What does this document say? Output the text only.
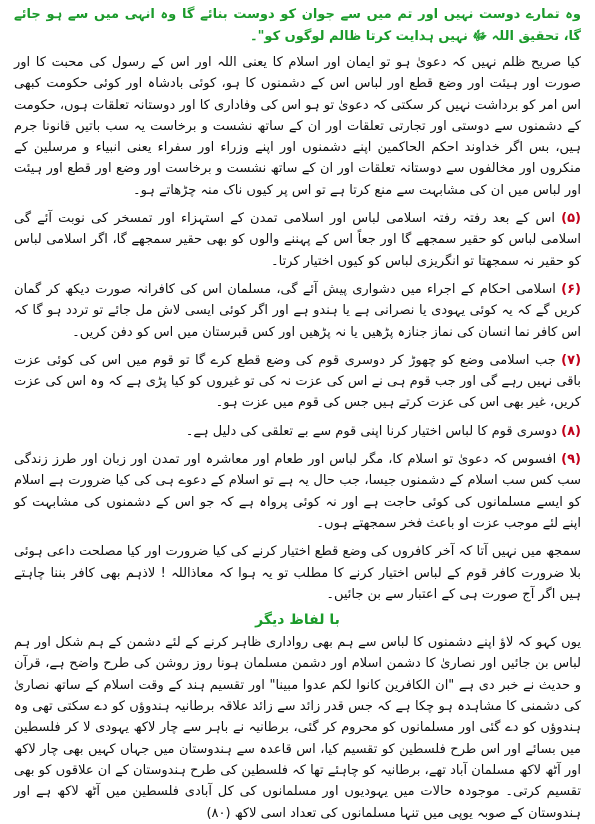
وہ تمارے دوست نہیں اور تم میں سے جوان کو دوست بنائے گا وہ انہی میں سے ہو جائے گا، تحقیق اللہ ﷻ نہیں ہدایت کرتا ظالم لوگوں کو"۔
کیا صریح ظلم نہیں کہ دعویٰ ہو تو ایمان اور اسلام کا یعنی اللہ اور اس کے رسول کی محبت کا اور صورت اور ہیئت اور وضع قطع اور لباس اس کے دشمنوں کا ہو، کوئی بادشاہ اور کوئی حکومت کبھی اس امر کو برداشت نہیں کر سکتی کہ دعویٰ تو ہو اس کی وفاداری کا اور دوستانہ تعلقات ہوں، حکومت کے دشمنوں سے دوستی اور تجارتی تعلقات اور ان کے ساتھ نشست و برخاست یہ سب باتیں قانونا جرم ہیں، بس اگر خداوند احکم الحاکمین اپنے دشمنوں اور اپنے وزراء اور سفراء یعنی انبیاء و مرسلین کے منکروں اور مخالفوں سے دوستانہ تعلقات اور ان کے ساتھ نشست و برخاست اور وضع اور قطع اور ہیئت اور لباس میں ان کی مشابہت سے منع کرتا ہے تو اس پر کیوں ناک منہ چڑھاتے ہو۔
(۵) اس کے بعد رفتہ رفتہ اسلامی لباس اور اسلامی تمدن کے استہزاء اور تمسخر کی نوبت آئے گی اسلامی لباس کو حقیر سمجھے گا اور جعاً اس کے پہننے والوں کو بھی حقیر سمجھے گا، اگر اسلامی لباس کو حقیر نہ سمجھتا تو انگریزی لباس کو کیوں اختیار کرتا۔
(۶) اسلامی احکام کے اجراء میں دشواری پیش آئے گی، مسلمان اس کی کافرانہ صورت دیکھ کر گمان کریں گے کہ یہ کوئی یہودی یا نصرانی ہے یا ہندو ہے اور اگر کوئی ایسی لاش مل جائے تو تردد ہو گا کہ اس کافر نما انسان کی نماز جنازہ پڑھیں یا نہ پڑھیں اور کس قبرستان میں اس کو دفن کریں۔
(۷) جب اسلامی وضع کو چھوڑ کر دوسری قوم کی وضع قطع کرے گا تو قوم میں اس کی کوئی عزت باقی نہیں رہے گی اور جب قوم ہی نے اس کی عزت نہ کی تو غیروں کو کیا پڑی ہے کہ وہ اس کی عزت کریں، غیر بھی اس کی عزت کرتے ہیں جس کی قوم میں عزت ہو۔
(۸) دوسری قوم کا لباس اختیار کرنا اپنی قوم سے بے تعلقی کی دلیل ہے۔
(۹) افسوس کہ دعویٰ تو اسلام کا، مگر لباس اور طعام اور معاشرہ اور تمدن اور زبان اور طرز زندگی سب کس سب اسلام کے دشمنوں جیسا، جب حال یہ ہے تو اسلام کے دعوے ہی کی کیا ضرورت ہے اسلام کو ایسے مسلمانوں کی کوئی حاجت ہے اور نہ کوئی پرواہ ہے کہ جو اس کے دشمنوں کی مشابہت کو اپنے لئے موجب عزت او باعث فخر سمجھتے ہوں۔
سمجھ میں نہیں آتا کہ آخر کافروں کی وضع قطع اختیار کرنے کی کیا ضرورت اور کیا مصلحت داعی ہوئی بلا ضرورت کافر قوم کے لباس اختیار کرنے کا مطلب تو یہ ہوا کہ معاذاللہ ! لاذہم بھی کافر بننا چاہتے ہیں اگر آج صورت ہی کے اعتبار سے بن جائیں۔
با لفاظ دیگر
یوں کہو کہ لاؤ اپنے دشمنوں کا لباس سے ہم بھی رواداری ظاہر کرنے کے لئے دشمن کے ہم شکل اور ہم لباس بن جائیں اور نصاریٰ کا دشمن اسلام اور دشمن مسلمان ہونا روز روشن کی طرح واضح ہے، قرآن و حدیث نے خبر دی ہے "ان الکافرین کانوا لکم عدوا مبینا" اور تقسیم ہند کے وقت اسلام کے ساتھ نصاریٰ کی دشمنی کا مشاہدہ ہو چکا ہے کہ جس قدر زائد سے زائد علاقہ برطانیہ ہندوؤں کو دے سکتی تھی وہ ہندوؤں کو دے گئی اور مسلمانوں کو محروم کر گئی، برطانیہ نے باہر سے چار لاکھ یہودی لا کر فلسطین میں بسائے اور اس طرح فلسطین کو تقسیم کیا، اس قاعدہ سے ہندوستان میں جہاں کہیں بھی چار لاکھ اور آٹھ لاکھ مسلمان آباد تھے، برطانیہ کو چاہئے تھا کہ فلسطین کی طرح ہندوستان کے ان علاقوں کو بھی تقسیم کرتی۔ موجودہ حالات میں یہودیوں اور مسلمانوں کی کل آبادی فلسطین میں آٹھ لاکھ ہے اور ہندوستان کے صوبہ یوپی میں تنہا مسلمانوں کی تعداد اسی لاکھ (۸۰)
